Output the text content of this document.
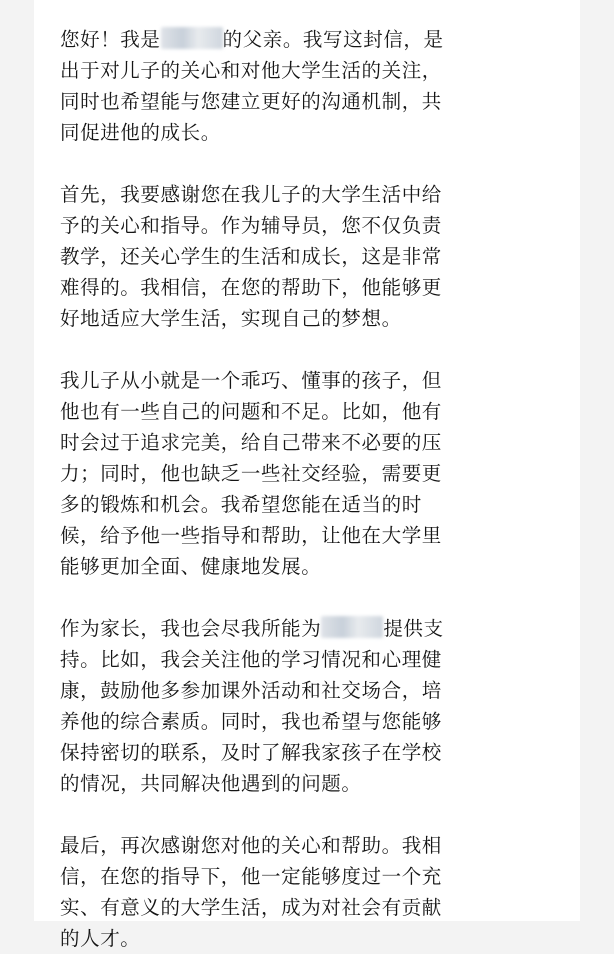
您好！我是	的父亲。我写这封信，是
出于对儿子的关心和对他大学生活的关注，
同时也希望能与您建立更好的沟通机制，共
同促进他的成长。
首先，我要感谢您在我儿子的大学生活中给
予的关心和指导。作为辅导员，您不仅负责
教学，还关心学生的生活和成长，这是非常
难得的。我相信，在您的帮助下，他能够更
好地适应大学生活，实现自己的梦想。
我儿子从小就是一个乖巧、懂事的孩子，但
他也有一些自己的问题和不足。比如，他有
时会过于追求完美，给自己带来不必要的压
力；同时，他也缺乏一些社交经验，需要更
多的锻炼和机会。我希望您能在适当的时
候，给予他一些指导和帮助，让他在大学里
能够更加全面、健康地发展。
作为家长，我也会尽我所能为	提供支
持。比如，我会关注他的学习情况和心理健
康，鼓励他多参加课外活动和社交场合，培
养他的综合素质。同时，我也希望与您能够
保持密切的联系，及时了解我家孩子在学校
的情况，共同解决他遇到的问题。
最后，再次感谢您对他的关心和帮助。我相
信，在您的指导下，他一定能够度过一个充
实、有意义的大学生活，成为对社会有贡献
的人才。
